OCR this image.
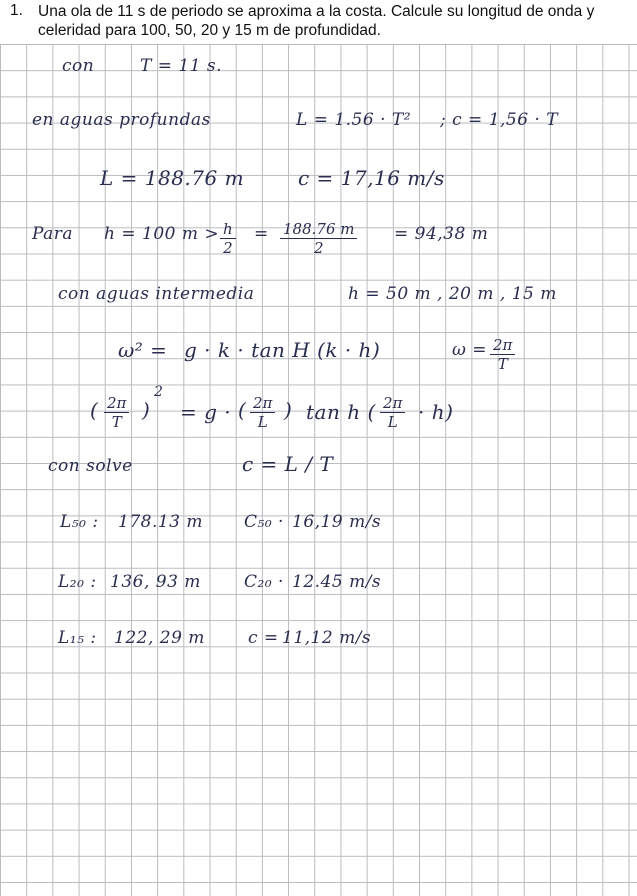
1. Una ola de 11 s de periodo se aproxima a la costa. Calcule su longitud de onda y celeridad para 100, 50, 20 y 15 m de profundidad.
con	T = 11 s.
en aguas profundas	L = 1.56 · T² ; c = 1,56 · T
L = 188.76 m	c = 17,16 m/s
Para h = 100 $m > \frac{h}{2} = \frac{188.76 m}{2} = 94,38$ m
con aguas intermedia	h = 50 m , 20 m , 15 m
ω² = g · k · tan H (k · h)	$\omega = \frac{2\pi}{T}$
( $\frac{2\pi}{T}$ )
2
= g · ( $\frac{2\pi}{L}$ ) tan h ( $\frac{2\pi}{L} \cdot h$)
con solve	c = L / T
L₅₀ : 178.13 m C₅₀ · 16,19 m/s
L₂₀ : 136, 93 m	C₂₀ · 12.45 m/s
L₁₅ : 122, 29 m	c = 11,12 m/s
